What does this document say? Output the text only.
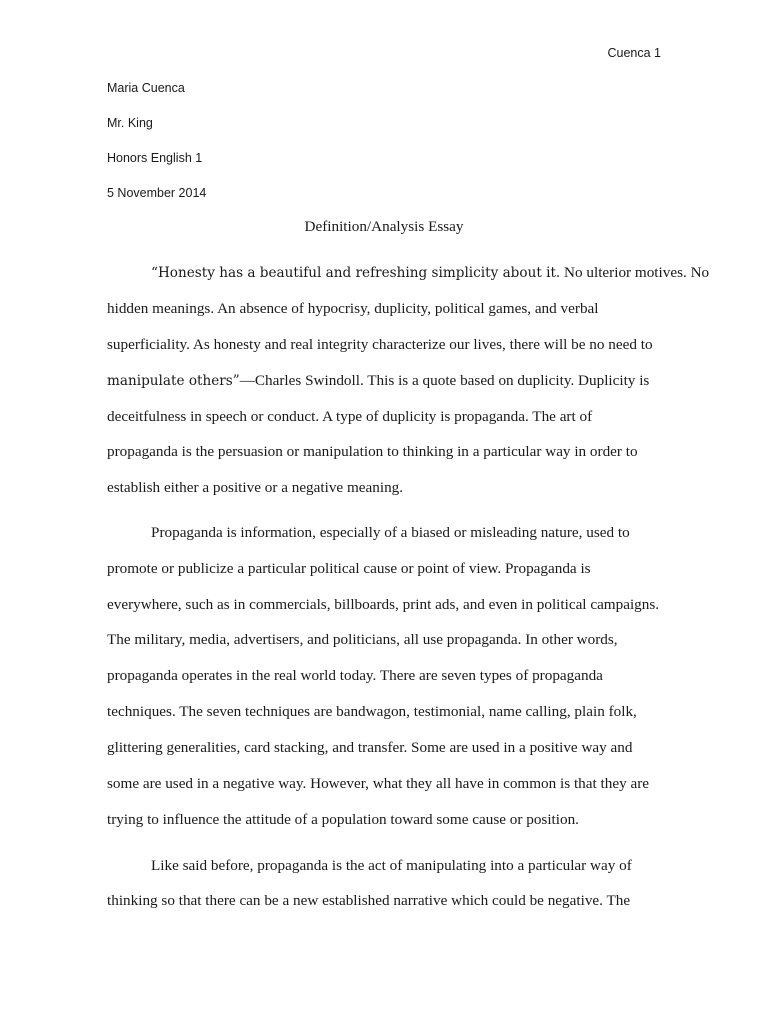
Cuenca 1
Maria Cuenca
Mr. King
Honors English 1
5 November 2014
Definition/Analysis Essay
“Honesty has a beautiful and refreshing simplicity about it. No ulterior motives. No
hidden meanings. An absence of hypocrisy, duplicity, political games, and verbal
superficiality. As honesty and real integrity characterize our lives, there will be no need to
manipulate others”—Charles Swindoll. This is a quote based on duplicity. Duplicity is
deceitfulness in speech or conduct. A type of duplicity is propaganda. The art of
propaganda is the persuasion or manipulation to thinking in a particular way in order to
establish either a positive or a negative meaning.
Propaganda is information, especially of a biased or misleading nature, used to
promote or publicize a particular political cause or point of view. Propaganda is
everywhere, such as in commercials, billboards, print ads, and even in political campaigns.
The military, media, advertisers, and politicians, all use propaganda. In other words,
propaganda operates in the real world today. There are seven types of propaganda
techniques. The seven techniques are bandwagon, testimonial, name calling, plain folk,
glittering generalities, card stacking, and transfer. Some are used in a positive way and
some are used in a negative way. However, what they all have in common is that they are
trying to influence the attitude of a population toward some cause or position.
Like said before, propaganda is the act of manipulating into a particular way of
thinking so that there can be a new established narrative which could be negative. The
